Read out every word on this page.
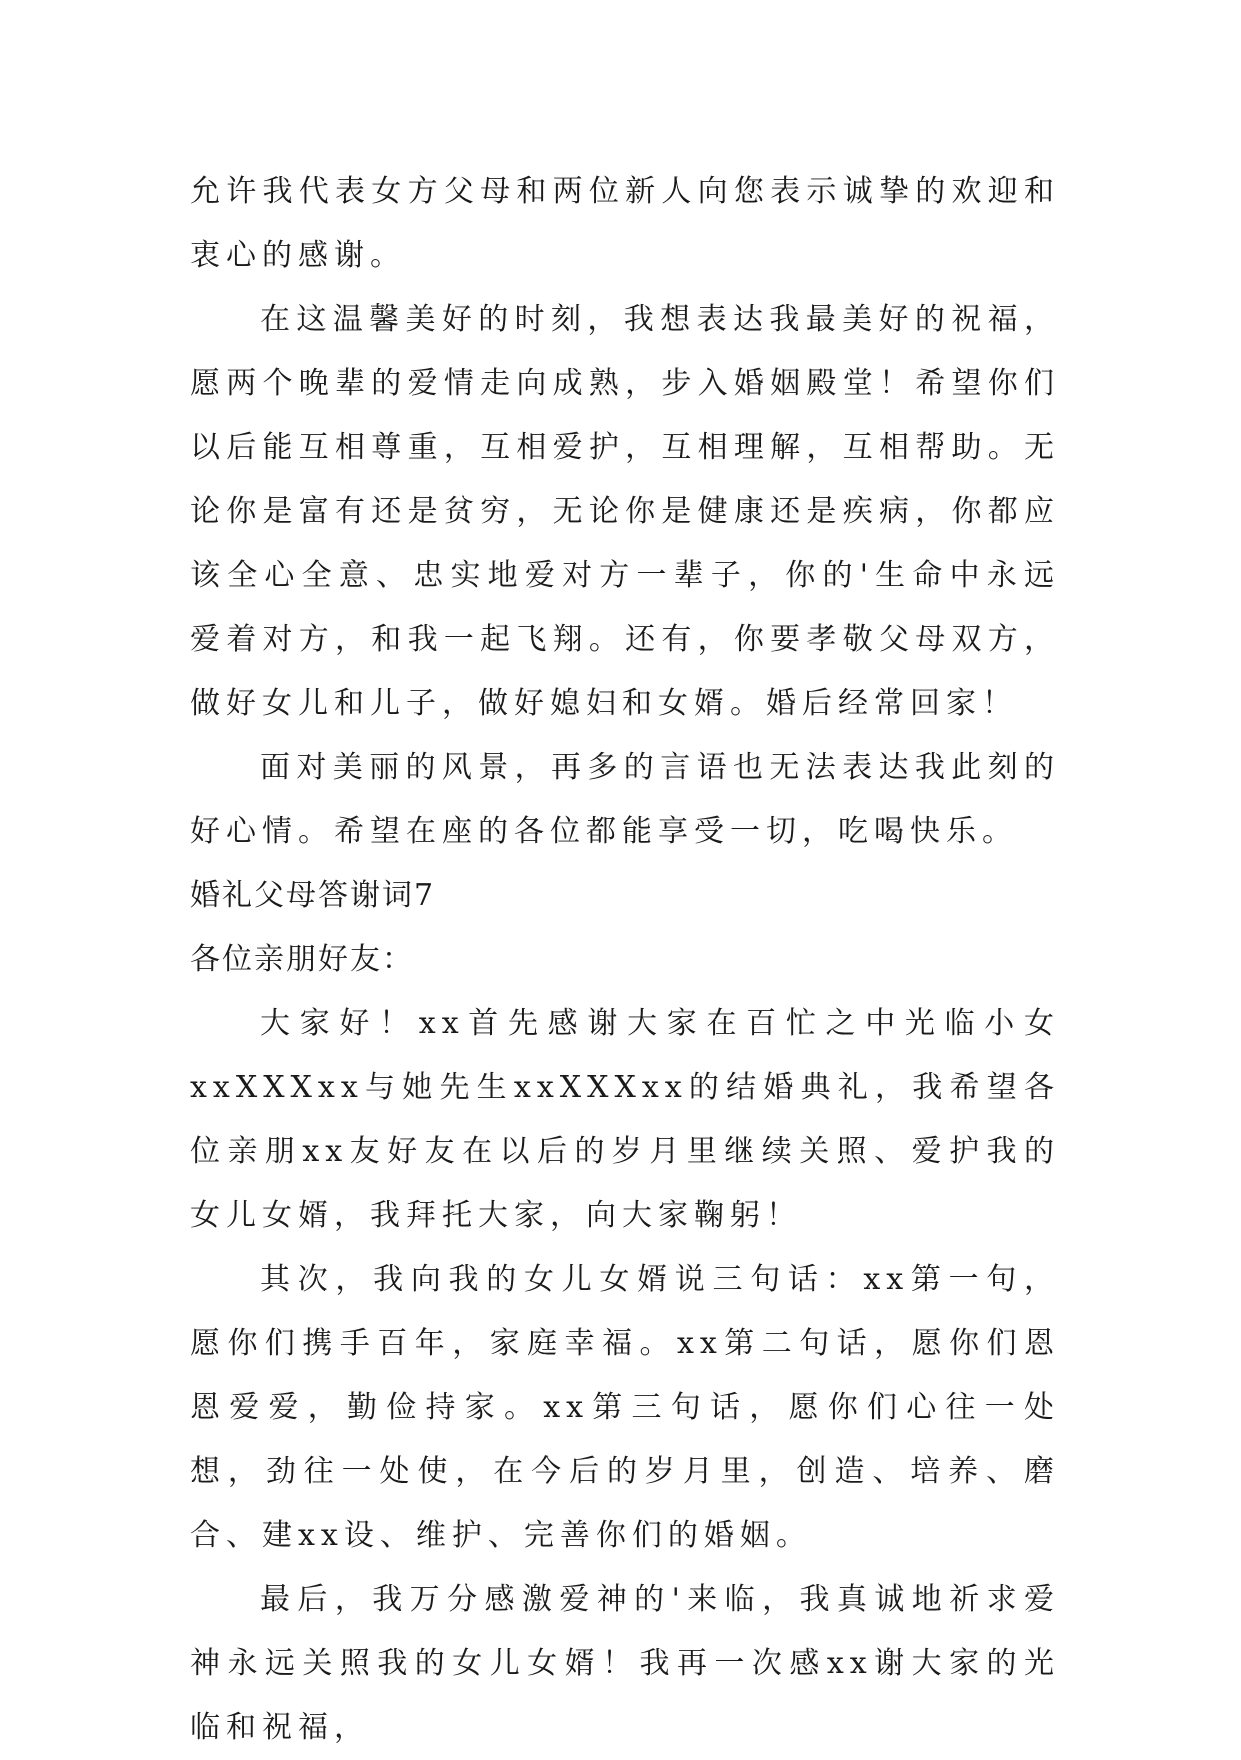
允许我代表女方父母和两位新人向您表示诚挚的欢迎和衷心的感谢。

在这温馨美好的时刻，我想表达我最美好的祝福，愿两个晚辈的爱情走向成熟，步入婚姻殿堂！希望你们以后能互相尊重，互相爱护，互相理解，互相帮助。无论你是富有还是贫穷，无论你是健康还是疾病，你都应该全心全意、忠实地爱对方一辈子，你的'生命中永远爱着对方，和我一起飞翔。还有，你要孝敬父母双方，做好女儿和儿子，做好媳妇和女婿。婚后经常回家！

面对美丽的风景，再多的言语也无法表达我此刻的好心情。希望在座的各位都能享受一切，吃喝快乐。

婚礼父母答谢词7

各位亲朋好友：

大家好！xx首先感谢大家在百忙之中光临小女xxXXXxx与她先生xxXXXxx的结婚典礼，我希望各位亲朋xx友好友在以后的岁月里继续关照、爱护我的女儿女婿，我拜托大家，向大家鞠躬！

其次，我向我的女儿女婿说三句话：xx第一句，愿你们携手百年，家庭幸福。xx第二句话，愿你们恩恩爱爱，勤俭持家。xx第三句话，愿你们心往一处想，劲往一处使，在今后的岁月里，创造、培养、磨合、建xx设、维护、完善你们的婚姻。

最后，我万分感激爱神的'来临，我真诚地祈求爱神永远关照我的女儿女婿！我再一次感xx谢大家的光临和祝福，
